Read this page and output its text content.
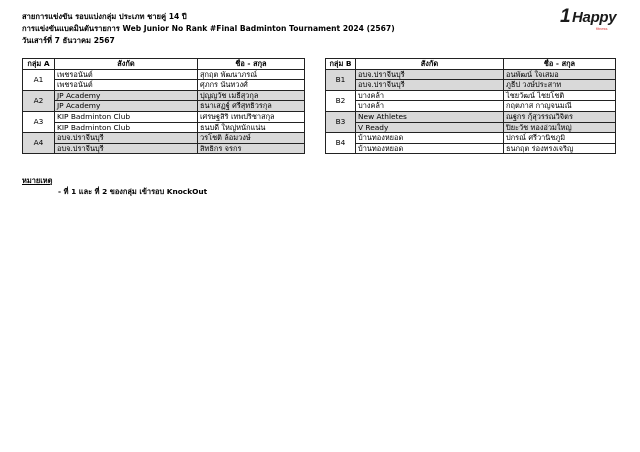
สายการแข่งขัน รอบแบ่งกลุ่ม ประเภท ชายคู่ 14 ปี
การแข่งขันแบดมินตันรายการ Web Junior No Rank #Final Badminton Tournament 2024 (2567)
วันเสาร์ที่ 7 ธันวาคม 2567
1 Happy
fitness
กลุ่ม A	สังกัด	ชื่อ - สกุล
A1	เพชรอนันต์	สุกฤต พัฒนาภรณ์
	เพชรอนันต์	ศุภกร นันทวงศ์
A2	JP Academy	ปุญญวัช เมธีสุวกุล
	JP Academy	ธนาเสฏฐ์ ศรีสุทธิวรกุล
A3	KIP Badminton Club	เศรษฐสิริ เทพปริชาสกุล
	KIP Badminton Club	ธนบดี ใหญ่หนักแน่น
A4	อบจ.ปราจีนบุรี	วรโชติ ล้อมวงษ์
	อบจ.ปราจีนบุรี	สิทธิกร จรกร
กลุ่ม B	สังกัด	ชื่อ - สกุล
B1	อบจ.ปราจีนบุรี	อนพัฒน์ ใจเสมอ
	อบจ.ปราจีนบุรี	ภูธีป วงษ์ประสาท
B2	บางคล้า	ไชยวัฒน์ ไชยโชติ
	บางคล้า	กฤตภาส กาญจนมณี
B3	New Athletes	ณฐกร กุ้สุวรรณวิจิตร
	V Ready	ปิยะวัช ทองอ่วมใหญ่
B4	บ้านทองหยอด	ปกรณ์ ศรีวานิชภูมิ
	บ้านทองหยอด	ธนกฤต ร่องทรงเจริญ
หมายเหตุ
- ที่ 1 และ ที่ 2 ของกลุ่ม เข้ารอบ KnockOut
